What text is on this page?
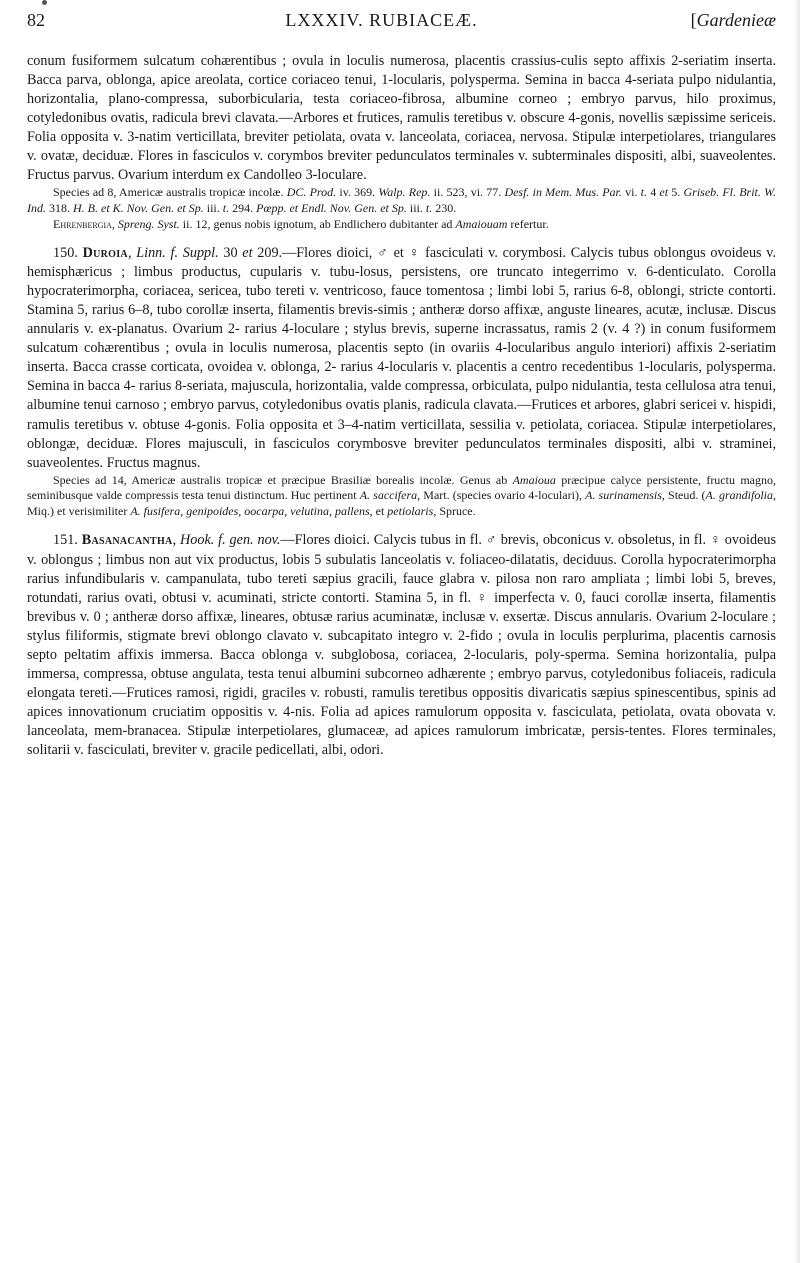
82	LXXXIV. RUBIACEÆ.
[	Gardenieæ

conum fusiformem sulcatum cohærentibus ; ovula in loculis numerosa, placentis crassius-culis septo affixis 2-seriatim inserta. Bacca parva, oblonga, apice areolata, cortice coriaceo tenui, 1-locularis, polysperma. Semina in bacca 4-seriata pulpo nidulantia, horizontalia, plano-compressa, suborbicularia, testa coriaceo-fibrosa, albumine corneo ; embryo parvus, hilo proximus, cotyledonibus ovatis, radicula brevi clavata.—Arbores et frutices, ramulis teretibus v. obscure 4-gonis, novellis sæpissime sericeis. Folia opposita v. 3-natim verticillata, breviter petiolata, ovata v. lanceolata, coriacea, nervosa. Stipulæ interpetiolares, triangulares v. ovatæ, deciduæ. Flores in fasciculos v. corymbos breviter pedunculatos terminales v. subterminales dispositi, albi, suaveolentes. Fructus parvus. Ovarium interdum ex Candolleo 3-loculare.

Species ad 8, Americæ australis tropicæ incolæ. DC. Prod. iv. 369. Walp. Rep. ii. 523, vi. 77. Desf. in Mem. Mus. Par. vi. t. 4 et 5. Griseb. Fl. Brit. W. Ind. 318. H. B. et K. Nov. Gen. et Sp. iii. t. 294. Pœpp. et Endl. Nov. Gen. et Sp. iii. t. 230.

Ehrenbergia, Spreng. Syst. ii. 12, genus nobis ignotum, ab Endlichero dubitanter ad Amaiouam refertur.

150. Duroia, Linn. f. Suppl. 30 et 209.—Flores dioici, ♂ et ♀ fasciculati v. corymbosi. Calycis tubus oblongus ovoideus v. hemisphæricus ; limbus productus, cupularis v. tubu-losus, persistens, ore truncato integerrimo v. 6-denticulato. Corolla hypocraterimorpha, coriacea, sericea, tubo tereti v. ventricoso, fauce tomentosa ; limbi lobi 5, rarius 6-8, oblongi, stricte contorti. Stamina 5, rarius 6–8, tubo corollæ inserta, filamentis brevis-simis ; antheræ dorso affixæ, anguste lineares, acutæ, inclusæ. Discus annularis v. ex-planatus. Ovarium 2- rarius 4-loculare ; stylus brevis, superne incrassatus, ramis 2 (v. 4 ?) in conum fusiformem sulcatum cohærentibus ; ovula in loculis numerosa, placentis septo (in ovariis 4-locularibus angulo interiori) affixis 2-seriatim inserta. Bacca crasse corticata, ovoidea v. oblonga, 2- rarius 4-locularis v. placentis a centro recedentibus 1-locularis, polysperma. Semina in bacca 4- rarius 8-seriata, majuscula, horizontalia, valde compressa, orbiculata, pulpo nidulantia, testa cellulosa atra tenui, albumine tenui carnoso ; embryo parvus, cotyledonibus ovatis planis, radicula clavata.—Frutices et arbores, glabri sericei v. hispidi, ramulis teretibus v. obtuse 4-gonis. Folia opposita et 3–4-natim verticillata, sessilia v. petiolata, coriacea. Stipulæ interpetiolares, oblongæ, deciduæ. Flores majusculi, in fasciculos corymbosve breviter pedunculatos terminales dispositi, albi v. straminei, suaveolentes. Fructus magnus.

Species ad 14, Americæ australis tropicæ et præcipue Brasiliæ borealis incolæ. Genus ab Amaioua præcipue calyce persistente, fructu magno, seminibusque valde compressis testa tenui distinctum. Huc pertinent A. saccifera, Mart. (species ovario 4-loculari), A. surinamensis, Steud. (A. grandifolia, Miq.) et verisimiliter A. fusifera, genipoides, oocarpa, velutina, pallens, et petiolaris, Spruce.

151. Basanacantha, Hook. f. gen. nov.—Flores dioici. Calycis tubus in fl. ♂ brevis, obconicus v. obsoletus, in fl. ♀ ovoideus v. oblongus ; limbus non aut vix productus, lobis 5 subulatis lanceolatis v. foliaceo-dilatatis, deciduus. Corolla hypocraterimorpha rarius infundibularis v. campanulata, tubo tereti sæpius gracili, fauce glabra v. pilosa non raro ampliata ; limbi lobi 5, breves, rotundati, rarius ovati, obtusi v. acuminati, stricte contorti. Stamina 5, in fl. ♀ imperfecta v. 0, fauci corollæ inserta, filamentis brevibus v. 0 ; antheræ dorso affixæ, lineares, obtusæ rarius acuminatæ, inclusæ v. exsertæ. Discus annularis. Ovarium 2-loculare ; stylus filiformis, stigmate brevi oblongo clavato v. subcapitato integro v. 2-fido ; ovula in loculis perplurima, placentis carnosis septo peltatim affixis immersa. Bacca oblonga v. subglobosa, coriacea, 2-locularis, poly-sperma. Semina horizontalia, pulpa immersa, compressa, obtuse angulata, testa tenui albumini subcorneo adhærente ; embryo parvus, cotyledonibus foliaceis, radicula elongata tereti.—Frutices ramosi, rigidi, graciles v. robusti, ramulis teretibus oppositis divaricatis sæpius spinescentibus, spinis ad apices innovationum cruciatim oppositis v. 4-nis. Folia ad apices ramulorum opposita v. fasciculata, petiolata, ovata obovata v. lanceolata, mem-branacea. Stipulæ interpetiolares, glumaceæ, ad apices ramulorum imbricatæ, persis-tentes. Flores terminales, solitarii v. fasciculati, breviter v. gracile pedicellati, albi, odori.
